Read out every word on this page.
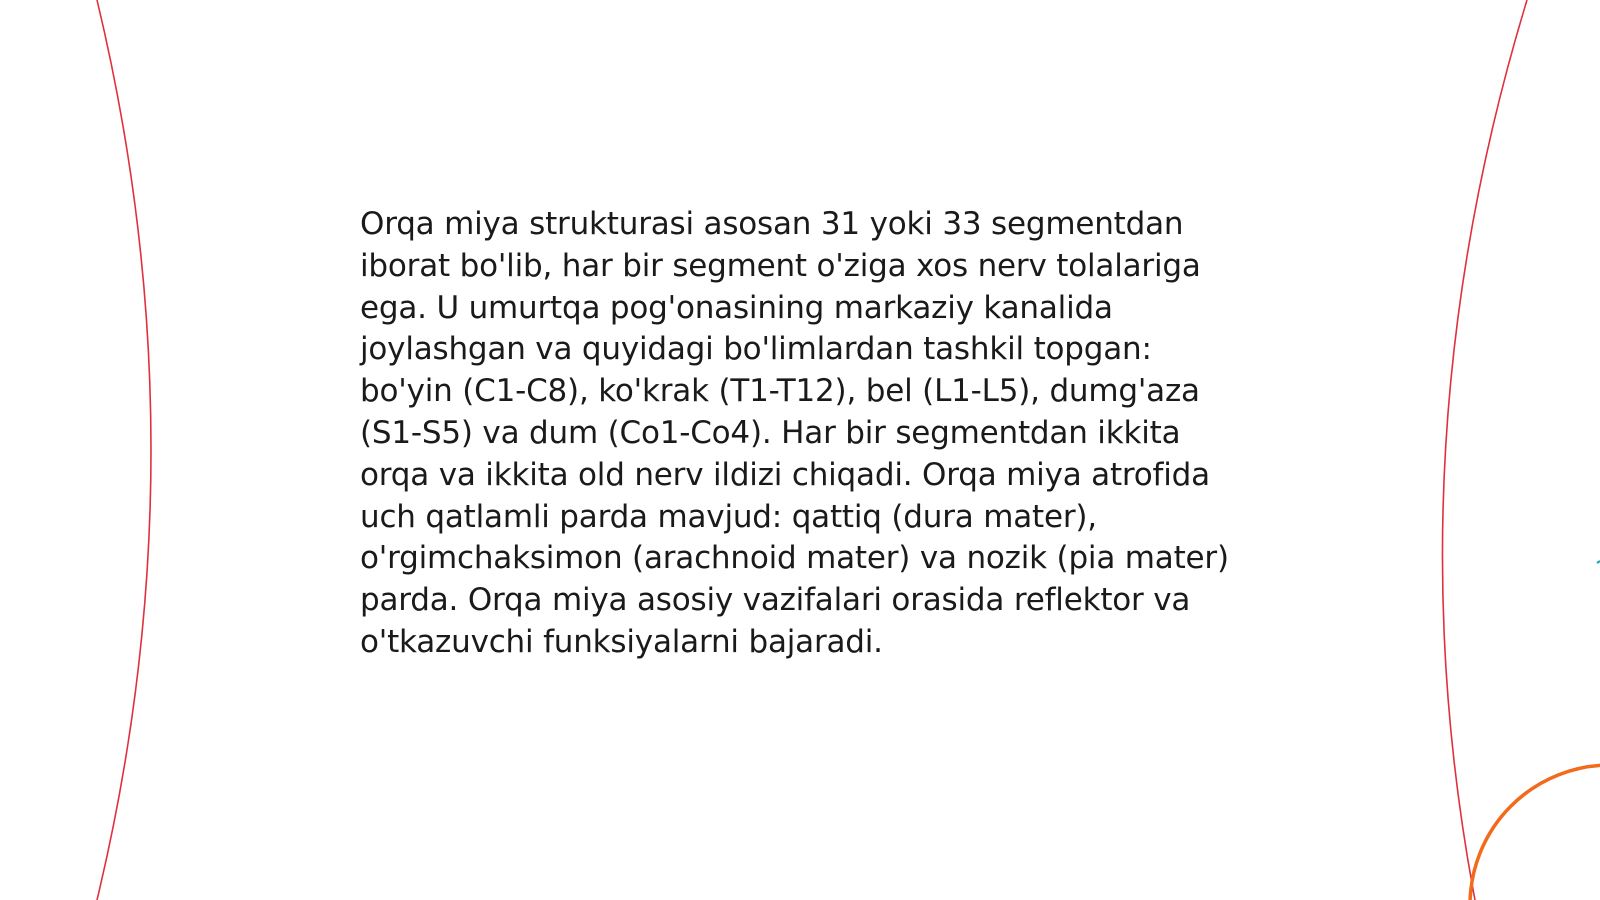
Orqa miya strukturasi asosan 31 yoki 33 segmentdan iborat bo'lib, har bir segment o'ziga xos nerv tolalariga ega. U umurtqa pog'onasining markaziy kanalida joylashgan va quyidagi bo'limlardan tashkil topgan: bo'yin (C1-C8), ko'krak (T1-T12), bel (L1-L5), dumg'aza (S1-S5) va dum (Co1-Co4). Har bir segmentdan ikkita orqa va ikkita old nerv ildizi chiqadi. Orqa miya atrofida uch qatlamli parda mavjud: qattiq (dura mater), o'rgimchaksimon (arachnoid mater) va nozik (pia mater) parda. Orqa miya asosiy vazifalari orasida reflektor va o'tkazuvchi funksiyalarni bajaradi.
